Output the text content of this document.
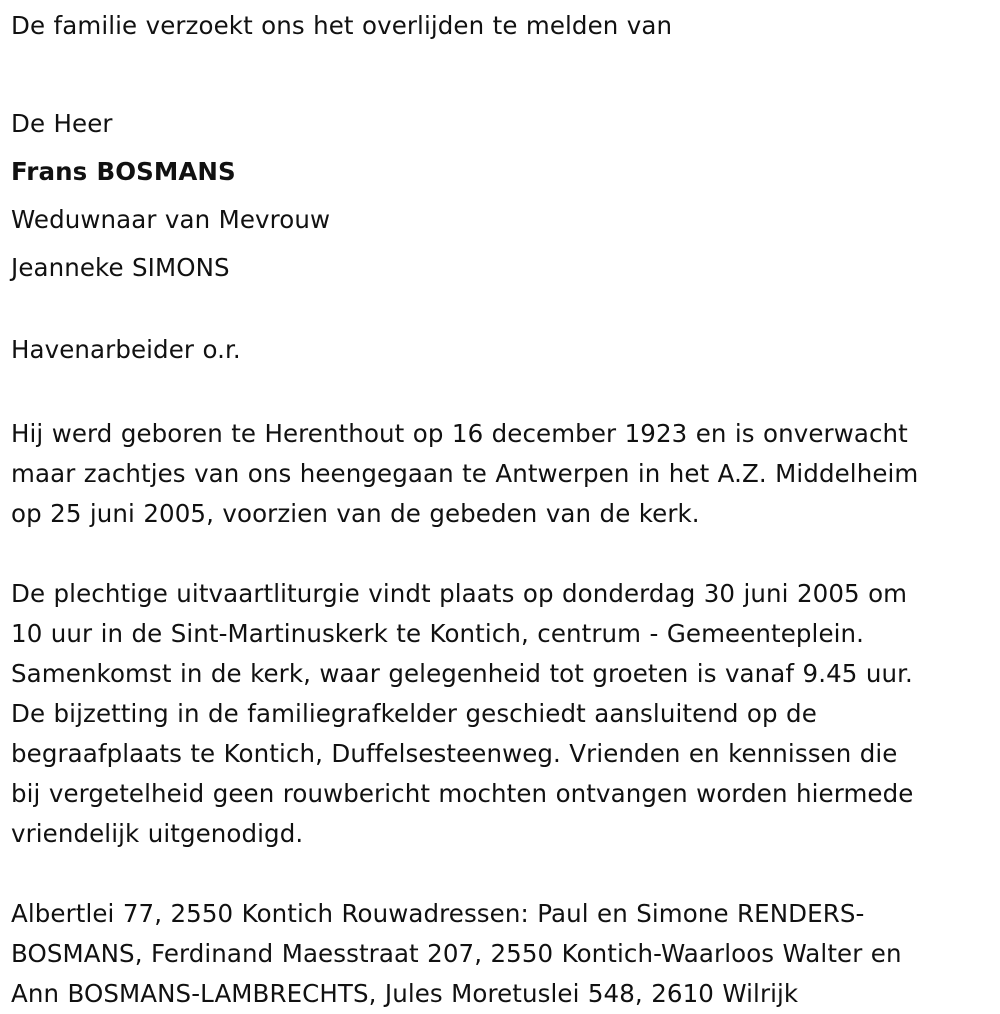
De familie verzoekt ons het overlijden te melden van
De Heer
Frans BOSMANS
Weduwnaar van Mevrouw
Jeanneke SIMONS
Havenarbeider o.r.
Hij werd geboren te Herenthout op 16 december 1923 en is onverwacht
maar zachtjes van ons heengegaan te Antwerpen in het A.Z. Middelheim
op 25 juni 2005, voorzien van de gebeden van de kerk.
De plechtige uitvaartliturgie vindt plaats op donderdag 30 juni 2005 om
10 uur in de Sint-Martinuskerk te Kontich, centrum - Gemeenteplein.
Samenkomst in de kerk, waar gelegenheid tot groeten is vanaf 9.45 uur.
De bijzetting in de familiegrafkelder geschiedt aansluitend op de
begraafplaats te Kontich, Duffelsesteenweg. Vrienden en kennissen die
bij vergetelheid geen rouwbericht mochten ontvangen worden hiermede
vriendelijk uitgenodigd.
Albertlei 77, 2550 Kontich Rouwadressen: Paul en Simone RENDERS-
BOSMANS, Ferdinand Maesstraat 207, 2550 Kontich-Waarloos Walter en
Ann BOSMANS-LAMBRECHTS, Jules Moretuslei 548, 2610 Wilrijk
